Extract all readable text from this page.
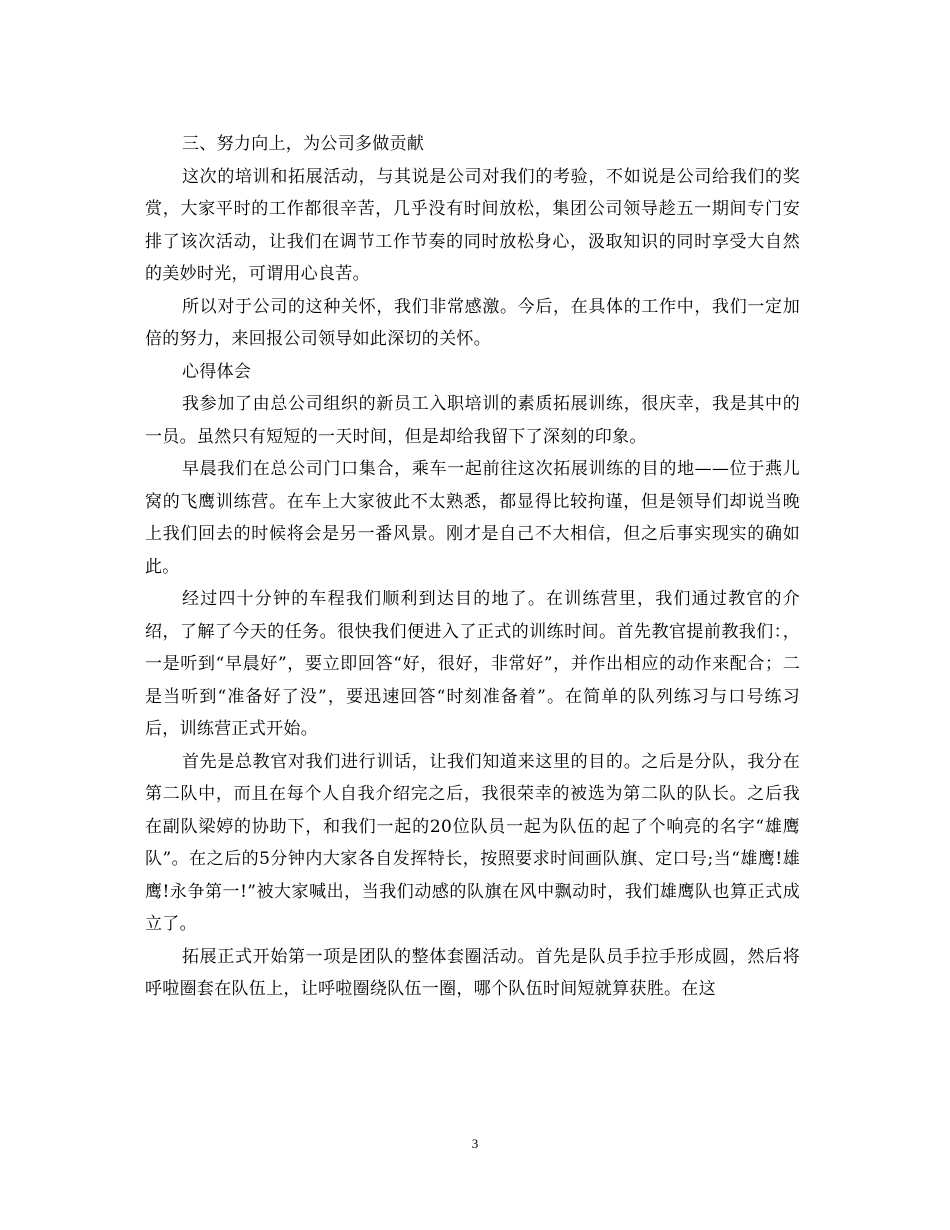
三、努力向上，为公司多做贡献

这次的培训和拓展活动，与其说是公司对我们的考验，不如说是公司给我们的奖赏，大家平时的工作都很辛苦，几乎没有时间放松，集团公司领导趁五一期间专门安排了该次活动，让我们在调节工作节奏的同时放松身心，汲取知识的同时享受大自然的美妙时光，可谓用心良苦。

所以对于公司的这种关怀，我们非常感激。今后，在具体的工作中，我们一定加倍的努力，来回报公司领导如此深切的关怀。

心得体会

我参加了由总公司组织的新员工入职培训的素质拓展训练，很庆幸，我是其中的一员。虽然只有短短的一天时间，但是却给我留下了深刻的印象。

早晨我们在总公司门口集合，乘车一起前往这次拓展训练的目的地——位于燕儿窝的飞鹰训练营。在车上大家彼此不太熟悉，都显得比较拘谨，但是领导们却说当晚上我们回去的时候将会是另一番风景。刚才是自己不大相信，但之后事实现实的确如此。

经过四十分钟的车程我们顺利到达目的地了。在训练营里，我们通过教官的介绍，了解了今天的任务。很快我们便进入了正式的训练时间。首先教官提前教我们：，一是听到“早晨好”，要立即回答“好，很好，非常好”，并作出相应的动作来配合；二是当听到“准备好了没”，要迅速回答“时刻准备着”。在简单的队列练习与口号练习后，训练营正式开始。

首先是总教官对我们进行训话，让我们知道来这里的目的。之后是分队，我分在第二队中，而且在每个人自我介绍完之后，我很荣幸的被选为第二队的队长。之后我在副队梁婷的协助下，和我们一起的20位队员一起为队伍的起了个响亮的名字“雄鹰队”。在之后的5分钟内大家各自发挥特长，按照要求时间画队旗、定口号;当“雄鹰!雄鹰!永争第一!”被大家喊出，当我们动感的队旗在风中飘动时，我们雄鹰队也算正式成立了。

拓展正式开始第一项是团队的整体套圈活动。首先是队员手拉手形成圆，然后将呼啦圈套在队伍上，让呼啦圈绕队伍一圈，哪个队伍时间短就算获胜。在这

3
